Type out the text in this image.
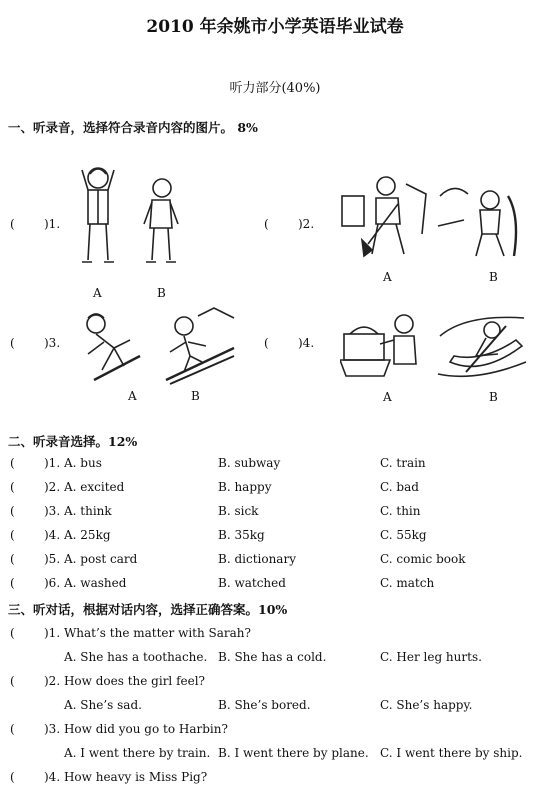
2010 年余姚市小学英语毕业试卷
听力部分(40%)
一、听录音，选择符合录音内容的图片。 8%
( )1.
A	B
( )2.
A	B
( )3.
A	B
( )4.
A	B
二、听录音选择。12%
( )1. A. bus	B. subway	C. train
( )2. A. excited	B. happy	C. bad
( )3. A. think	B. sick	C. thin
( )4. A. 25kg	B. 35kg	C. 55kg
( )5. A. post card	B. dictionary	C. comic book
( )6. A. washed	B. watched	C. match
三、听对话，根据对话内容，选择正确答案。10%
( )1. What’s the matter with Sarah?
A. She has a toothache. B. She has a cold.	C. Her leg hurts.
( )2. How does the girl feel?
A. She’s sad.	B. She’s bored.	C. She’s happy.
( )3. How did you go to Harbin?
A. I went there by train. B. I went there by plane. C. I went there by ship.
( )4. How heavy is Miss Pig?
